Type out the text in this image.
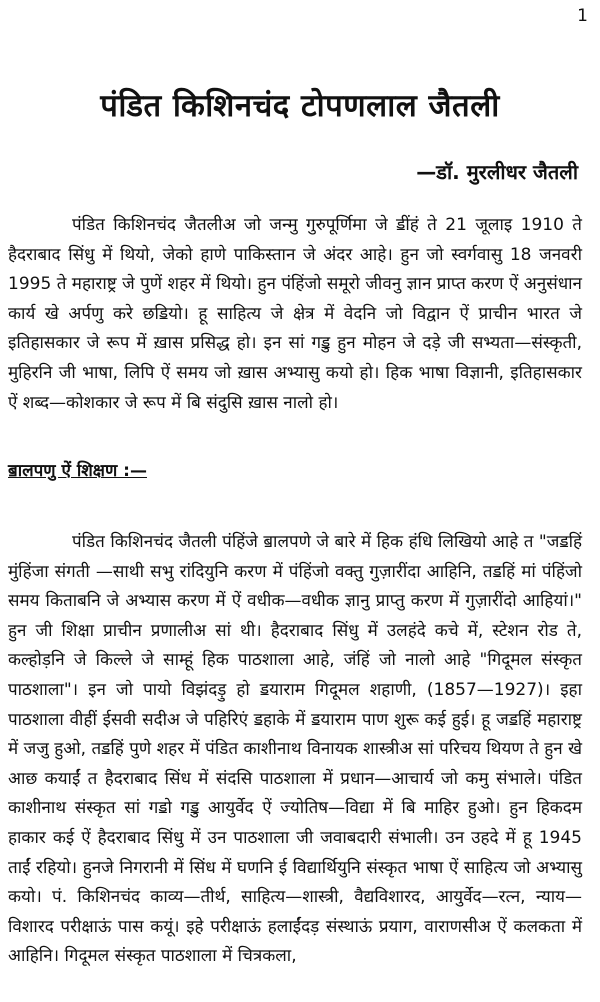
1
पंडित किशिनचंद टोपणलाल जैतली
—डॉ. मुरलीधर जैतली

पंडित किशिनचंद जैतलीअ जो जन्मु गुरुपूर्णिमा जे ॾींहं ते 21 जूलाइ 1910 ते हैदराबाद सिंधु में थियो, जेको हाणे पाकिस्तान जे अंदर आहे। हुन जो स्वर्गवासु 18 जनवरी 1995 ते महाराष्ट्र जे पुणें शहर में थियो। हुन पंहिंजो समूरो जीवनु ज्ञान प्राप्त करण ऐं अनुसंधान कार्य खे अर्पणु करे छॾियो। हू साहित्य जे क्षेत्र में वेदनि जो विद्वान ऐं प्राचीन भारत जे इतिहासकार जे रूप में ख़ास प्रसिद्ध हो। इन सां गॾु हुन मोहन जे दड़े जी सभ्यता—संस्कृती, मुहिरनि जी भाषा, लिपि ऐं समय जो ख़ास अभ्यासु कयो हो। हिक भाषा विज्ञानी, इतिहासकार ऐं शब्द—कोशकार जे रूप में बि संदुसि ख़ास नालो हो।

ॿालपणु ऐं शिक्षण :—

पंडित किशिनचंद जैतली पंहिंजे ॿालपणे जे बारे में हिक हंधि लिखियो आहे त "जॾहिं मुंहिंजा संगती —साथी सभु रांदियुनि करण में पंहिंजो वक्तु गुज़ारींदा आहिनि, तॾहिं मां पंहिंजो समय किताबनि जे अभ्यास करण में ऐं वधीक—वधीक ज्ञानु प्राप्तु करण में गुज़ारींदो आहियां।" हुन जी शिक्षा प्राचीन प्रणालीअ सां थी। हैदराबाद सिंधु में उलहंदे कचे में, स्टेशन रोड ते, कल्होड़नि जे किल्ले जे साम्हूं हिक पाठशाला आहे, जंहिं जो नालो आहे "गिदूमल संस्कृत पाठशाला"। इन जो पायो विझंदड़ु हो ॾयाराम गिदूमल शहाणी, (1857—1927)। इहा पाठशाला वीहीं ईसवी सदीअ जे पहिरिएं ॾहाके में ॾयाराम पाण शुरू कई हुई। हू जॾहिं महाराष्ट्र में जजु हुओ, तॾहिं पुणे शहर में पंडित काशीनाथ विनायक शास्त्रीअ सां परिचय थियण ते हुन खे आछ कयाईं त हैदराबाद सिंध में संदसि पाठशाला में प्रधान—आचार्य जो कमु संभाले। पंडित काशीनाथ संस्कृत सां गॾो गॾु आयुर्वेद ऐं ज्योतिष—विद्या में बि माहिर हुओ। हुन हिकदम हाकार कई ऐं हैदराबाद सिंधु में उन पाठशाला जी जवाबदारी संभाली। उन उहदे में हू 1945 ताईं रहियो। हुनजे निगरानी में सिंध में घणनि ई विद्यार्थियुनि संस्कृत भाषा ऐं साहित्य जो अभ्यासु कयो। पं. किशिनचंद काव्य—तीर्थ, साहित्य—शास्त्री, वैद्यविशारद, आयुर्वेद—रत्न, न्याय—विशारद परीक्षाऊं पास कयूं। इहे परीक्षाऊं हलाईंदड़ संस्थाऊं प्रयाग, वाराणसीअ ऐं कलकता में आहिनि। गिदूमल संस्कृत पाठशाला में चित्रकला,
